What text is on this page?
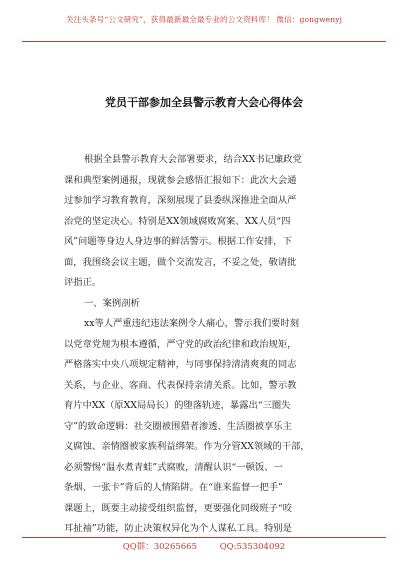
关注头条号“公文研究”，获得最新最全最专业的公文资料库！ 微信：gongwenyj
党员干部参加全县警示教育大会心得体会
根据全县警示教育大会部署要求，结合XX书记廉政党
课和典型案例通报，现就参会感悟汇报如下：此次大会通
过参加学习教育教育，深刻展现了县委纵深推进全面从严
治党的坚定决心。特别是XX领域腐败窝案、XX人员“四
风”问题等身边人身边事的鲜活警示。根据工作安排，下
面，我围绕会议主题，做个交流发言，不妥之处，敬请批
评指正。
一、案例剖析
xx等人严重违纪违法案例令人痛心，警示我们要时刻
以党章党规为根本遵循，严守党的政治纪律和政治规矩，
严格落实中央八项规定精神，与同事保持清清爽爽的同志
关系，与企业、客商、代表保持亲清关系。比如，警示教
育片中XX（原XX局局长）的堕落轨迹，暴露出“三圈失
守”的致命逻辑：社交圈被围猎者渗透、生活圈被享乐主
义腐蚀、亲情圈被家族利益绑架。作为分管XX领域的干部，
必须警惕“温水煮青蛙”式腐败，清醒认识“一顿饭、一
条烟、一张卡”背后的人情陷阱。在“谁来监督一把手”
课题上，既要主动接受组织监督，更要强化同级班子“咬
耳扯袖”功能，防止决策权异化为个人谋私工具。特别是
QQ群：30265665	QQ:535304092
